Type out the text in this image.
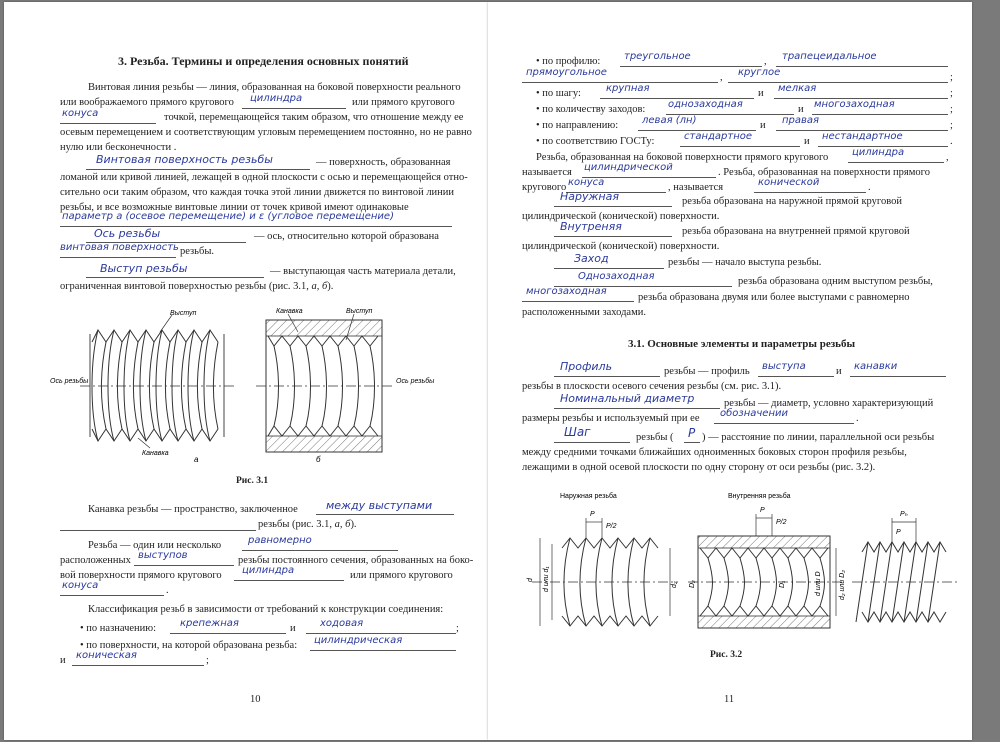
3. Резьба. Термины и определения основных понятий
Винтовая линия резьбы — линия, образованная на боковой поверхности реального
или воображаемого прямого кругового цилиндра	или прямого кругового
конуса	точкой, перемещающейся таким образом, что отношение между ее
осевым перемещением и соответствующим угловым перемещением постоянно, но не равно
нулю или бесконечности .
Винтовая поверхность резьбы	— поверхность, образованная
ломаной или кривой линией, лежащей в одной плоскости с осью и перемещающейся отно-
сительно оси таким образом, что каждая точка этой линии движется по винтовой линии
резьбы, и все возможные винтовые линии от точек кривой имеют одинаковые
параметр а (осевое перемещение) и ε (угловое перемещение)
Ось резьбы	— ось, относительно которой образована
винтовая поверхность резьбы.
Выступ резьбы	— выступающая часть материала детали,
ограниченная винтовой поверхностью резьбы (рис. 3.1, а, б).
Выступ
Ось резьбы
Канавка
а
Канавка	Выступ
Ось резьбы
б
Рис. 3.1
Канавка резьбы — пространство, заключенное	между выступами
резьбы (рис. 3.1, а, б).
Резьба — один или несколько	равномерно
расположенных выступов	резьбы постоянного сечения, образованных на боко-
вой поверхности прямого кругового цилиндра	или прямого кругового
конуса	.
Классификация резьб в зависимости от требований к конструкции соединения:
• по назначению: крепежная	и ходовая	;
• по поверхности, на которой образована резьба: цилиндрическая
и коническая	;
10
• по профилю: треугольное	, трапецеидальное
прямоугольное	, круглое	;
• по шагу:	крупная	и мелкая	;
• по количеству заходов: однозаходная	и многозаходная	;
• по направлению: левая (лн)	и правая	;
• по соответствию ГОСТу:	стандартное	и нестандартное	.
Резьба, образованная на боковой поверхности прямого кругового цилиндра	,
называется цилиндрической	. Резьба, образованная на поверхности прямого
кругового конуса	, называется	конической	.
Наружная	резьба образована на наружной прямой круговой
цилиндрической (конической) поверхности.
Внутреняя	резьба образована на внутренней прямой круговой
цилиндрической (конической) поверхности.
Заход	резьбы — начало выступа резьбы.
Однозаходная	резьба образована одним выступом резьбы,
многозаходная
резьба образована двумя или более выступами с равномерно
расположенными заходами.
3.1. Основные элементы и параметры резьбы
Профиль	резьбы — профиль выступа	и канавки
резьбы в плоскости осевого сечения резьбы (см. рис. 3.1).
Номинальный диаметр	резьбы — диаметр, условно характеризующий
размеры резьбы и используемый при ее обозначении	.
Шаг	резьбы ( Р ) — расстояние по линии, параллельной оси резьбы
между средними точками ближайших одноименных боковых сторон профиля резьбы,
лежащими в одной осевой плоскости по одну сторону от оси резьбы (рис. 3.2).
Наружная резьба
P
P/2
d d или d₁	d₂
Внутренняя резьба
P
P/2
D₂	D₁	d или D d₂ или D₂
Pₕ
P
Рис. 3.2
11
